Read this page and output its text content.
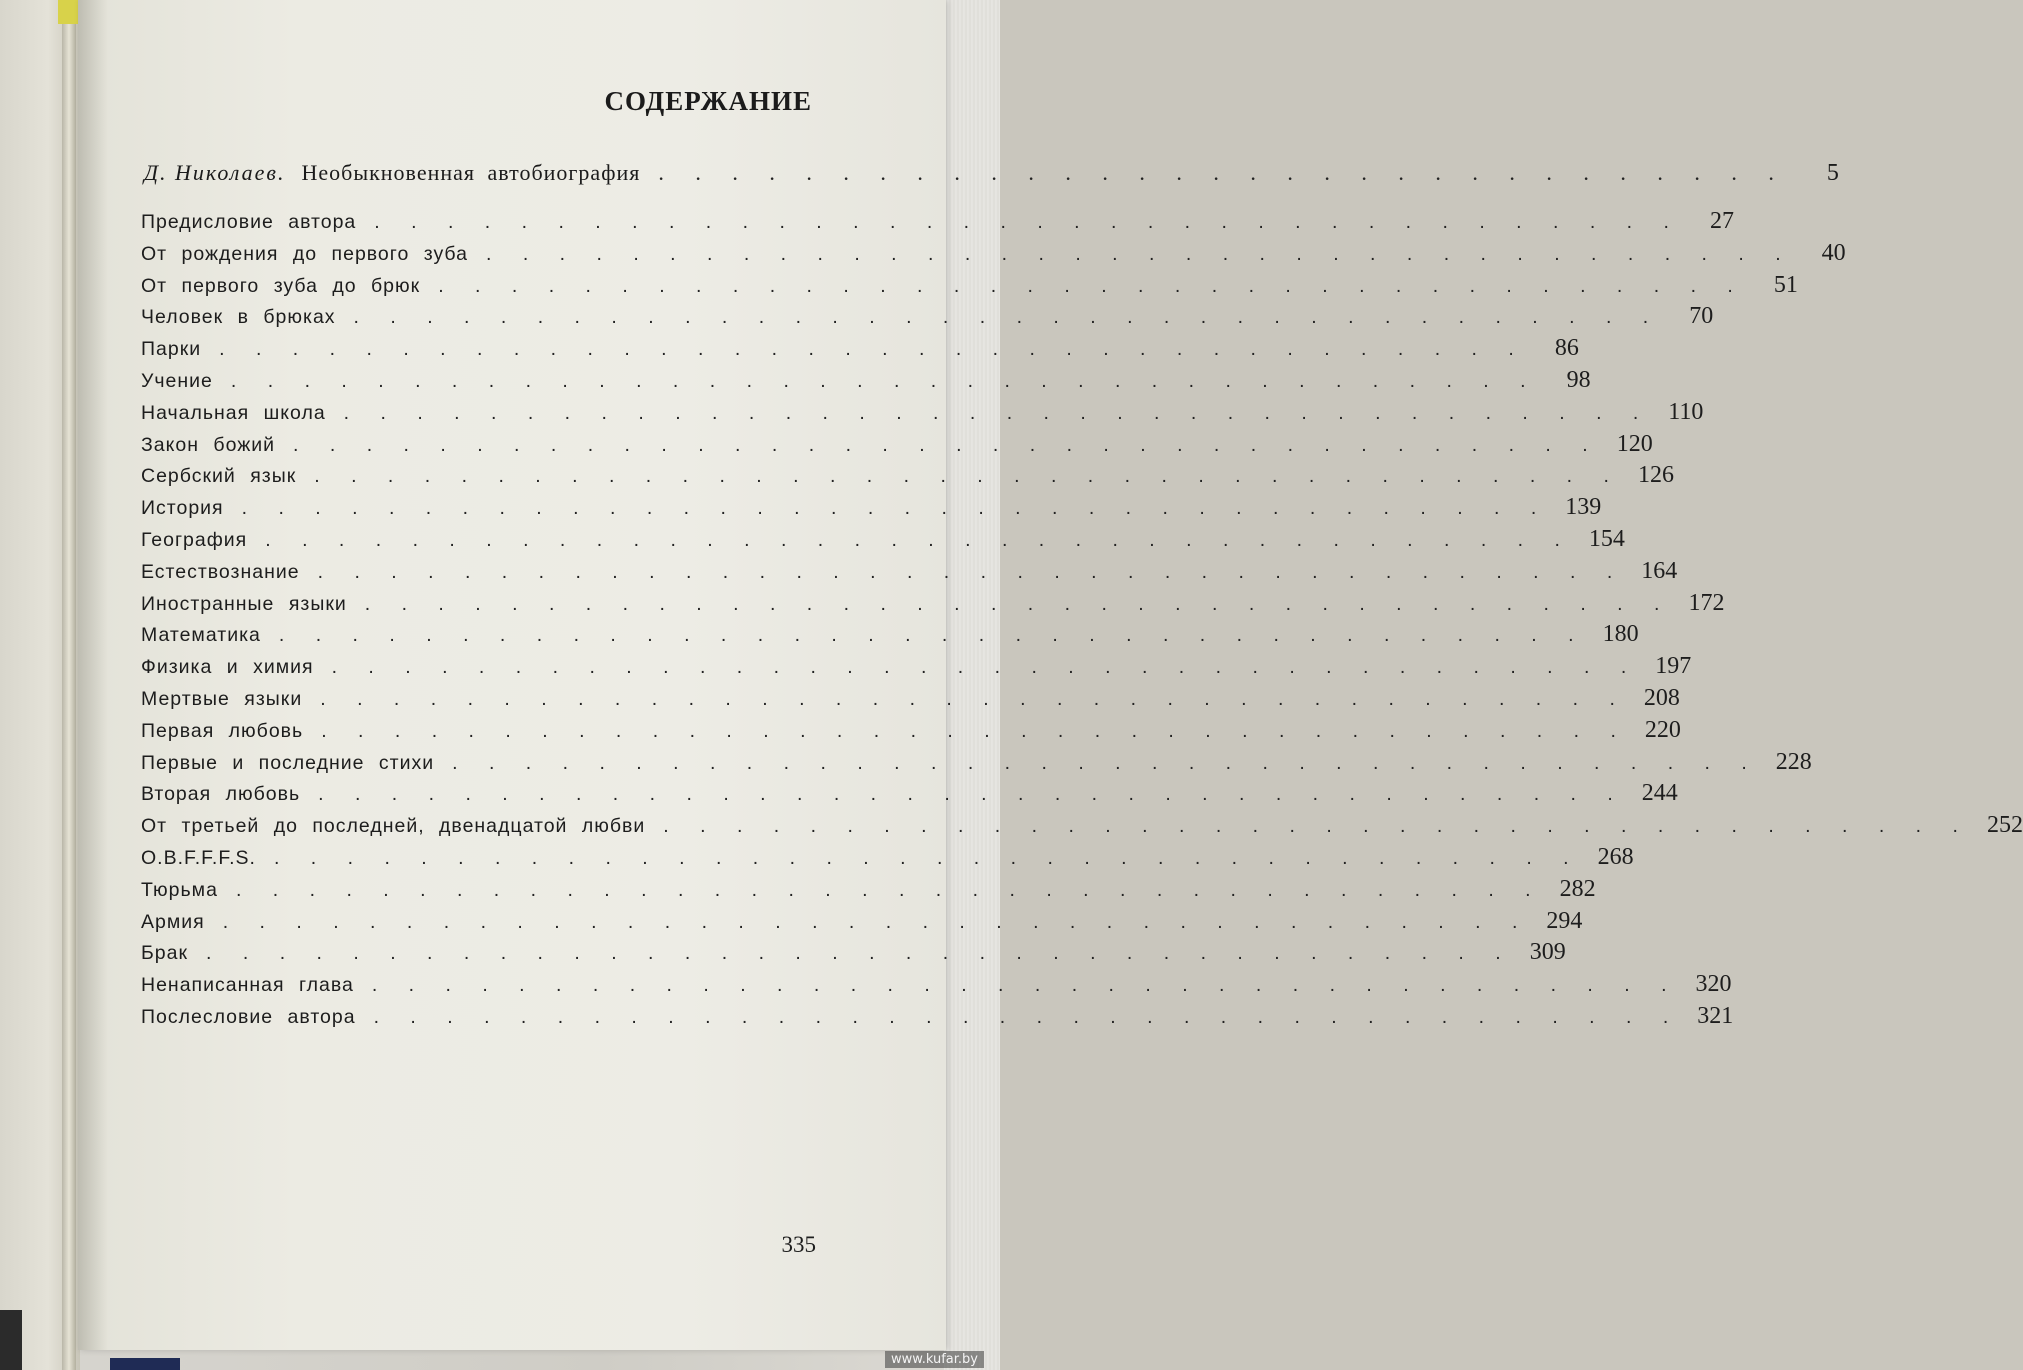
СОДЕРЖАНИЕ
Д. Николаев. Необыкновенная автобиография . . . . . . . . . . . . . . . . . . . . . . . . . . . . . . .	5
Предисловие автора . . . . . . . . . . . . . . . . . . . . . . . . . . . . . . . . . . . .	27
От рождения до первого зуба . . . . . . . . . . . . . . . . . . . . . . . . . . . . . . . . . . . .	40
От первого зуба до брюк . . . . . . . . . . . . . . . . . . . . . . . . . . . . . . . . . . . .	51
Человек в брюках . . . . . . . . . . . . . . . . . . . . . . . . . . . . . . . . . . . .	70
Парки . . . . . . . . . . . . . . . . . . . . . . . . . . . . . . . . . . . .	86
Учение . . . . . . . . . . . . . . . . . . . . . . . . . . . . . . . . . . . .	98
Начальная школа . . . . . . . . . . . . . . . . . . . . . . . . . . . . . . . . . . . . 110
Закон божий . . . . . . . . . . . . . . . . . . . . . . . . . . . . . . . . . . . . 120
Сербский язык . . . . . . . . . . . . . . . . . . . . . . . . . . . . . . . . . . . . 126
История . . . . . . . . . . . . . . . . . . . . . . . . . . . . . . . . . . . . 139
География . . . . . . . . . . . . . . . . . . . . . . . . . . . . . . . . . . . . 154
Естествознание . . . . . . . . . . . . . . . . . . . . . . . . . . . . . . . . . . . . 164
Иностранные языки . . . . . . . . . . . . . . . . . . . . . . . . . . . . . . . . . . . . 172
Математика . . . . . . . . . . . . . . . . . . . . . . . . . . . . . . . . . . . . 180
Физика и химия . . . . . . . . . . . . . . . . . . . . . . . . . . . . . . . . . . . . 197
Мертвые языки . . . . . . . . . . . . . . . . . . . . . . . . . . . . . . . . . . . . 208
Первая любовь . . . . . . . . . . . . . . . . . . . . . . . . . . . . . . . . . . . . 220
Первые и последние стихи . . . . . . . . . . . . . . . . . . . . . . . . . . . . . . . . . . . . 228
Вторая любовь . . . . . . . . . . . . . . . . . . . . . . . . . . . . . . . . . . . . 244
От третьей до последней, двенадцатой любви . . . . . . . . . . . . . . . . . . . . . . . . . . . . . . . . . . . . 252
O.B.F.F.F.S. . . . . . . . . . . . . . . . . . . . . . . . . . . . . . . . . . . . . 268
Тюрьма . . . . . . . . . . . . . . . . . . . . . . . . . . . . . . . . . . . . 282
Армия . . . . . . . . . . . . . . . . . . . . . . . . . . . . . . . . . . . . 294
Брак . . . . . . . . . . . . . . . . . . . . . . . . . . . . . . . . . . . . 309
Ненаписанная глава . . . . . . . . . . . . . . . . . . . . . . . . . . . . . . . . . . . . 320
Послесловие автора . . . . . . . . . . . . . . . . . . . . . . . . . . . . . . . . . . . . 321
335
www.kufar.by
